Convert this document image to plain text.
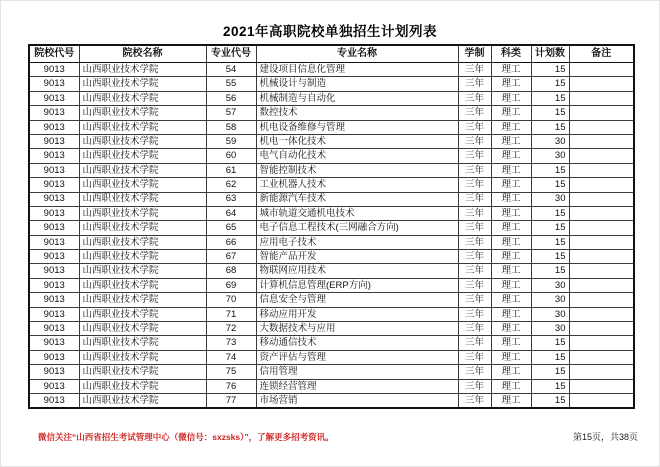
2021年高职院校单独招生计划列表
院校代号	院校名称	专业代号	专业名称	学制	科类	计划数	备注
9013	山西职业技术学院	54	建设项目信息化管理	三年	理工	15	
9013	山西职业技术学院	55	机械设计与制造	三年	理工	15	
9013	山西职业技术学院	56	机械制造与自动化	三年	理工	15	
9013	山西职业技术学院	57	数控技术	三年	理工	15	
9013	山西职业技术学院	58	机电设备维修与管理	三年	理工	15	
9013	山西职业技术学院	59	机电一体化技术	三年	理工	30	
9013	山西职业技术学院	60	电气自动化技术	三年	理工	30	
9013	山西职业技术学院	61	智能控制技术	三年	理工	15	
9013	山西职业技术学院	62	工业机器人技术	三年	理工	15	
9013	山西职业技术学院	63	新能源汽车技术	三年	理工	30	
9013	山西职业技术学院	64	城市轨道交通机电技术	三年	理工	15	
9013	山西职业技术学院	65	电子信息工程技术(三网融合方向)	三年	理工	15	
9013	山西职业技术学院	66	应用电子技术	三年	理工	15	
9013	山西职业技术学院	67	智能产品开发	三年	理工	15	
9013	山西职业技术学院	68	物联网应用技术	三年	理工	15	
9013	山西职业技术学院	69	计算机信息管理(ERP方向)	三年	理工	30	
9013	山西职业技术学院	70	信息安全与管理	三年	理工	30	
9013	山西职业技术学院	71	移动应用开发	三年	理工	30	
9013	山西职业技术学院	72	大数据技术与应用	三年	理工	30	
9013	山西职业技术学院	73	移动通信技术	三年	理工	15	
9013	山西职业技术学院	74	资产评估与管理	三年	理工	15	
9013	山西职业技术学院	75	信用管理	三年	理工	15	
9013	山西职业技术学院	76	连锁经营管理	三年	理工	15	
9013	山西职业技术学院	77	市场营销	三年	理工	15	
微信关注“山西省招生考试管理中心（微信号：sxzsks）”，了解更多招考资讯。	第15页，共38页
